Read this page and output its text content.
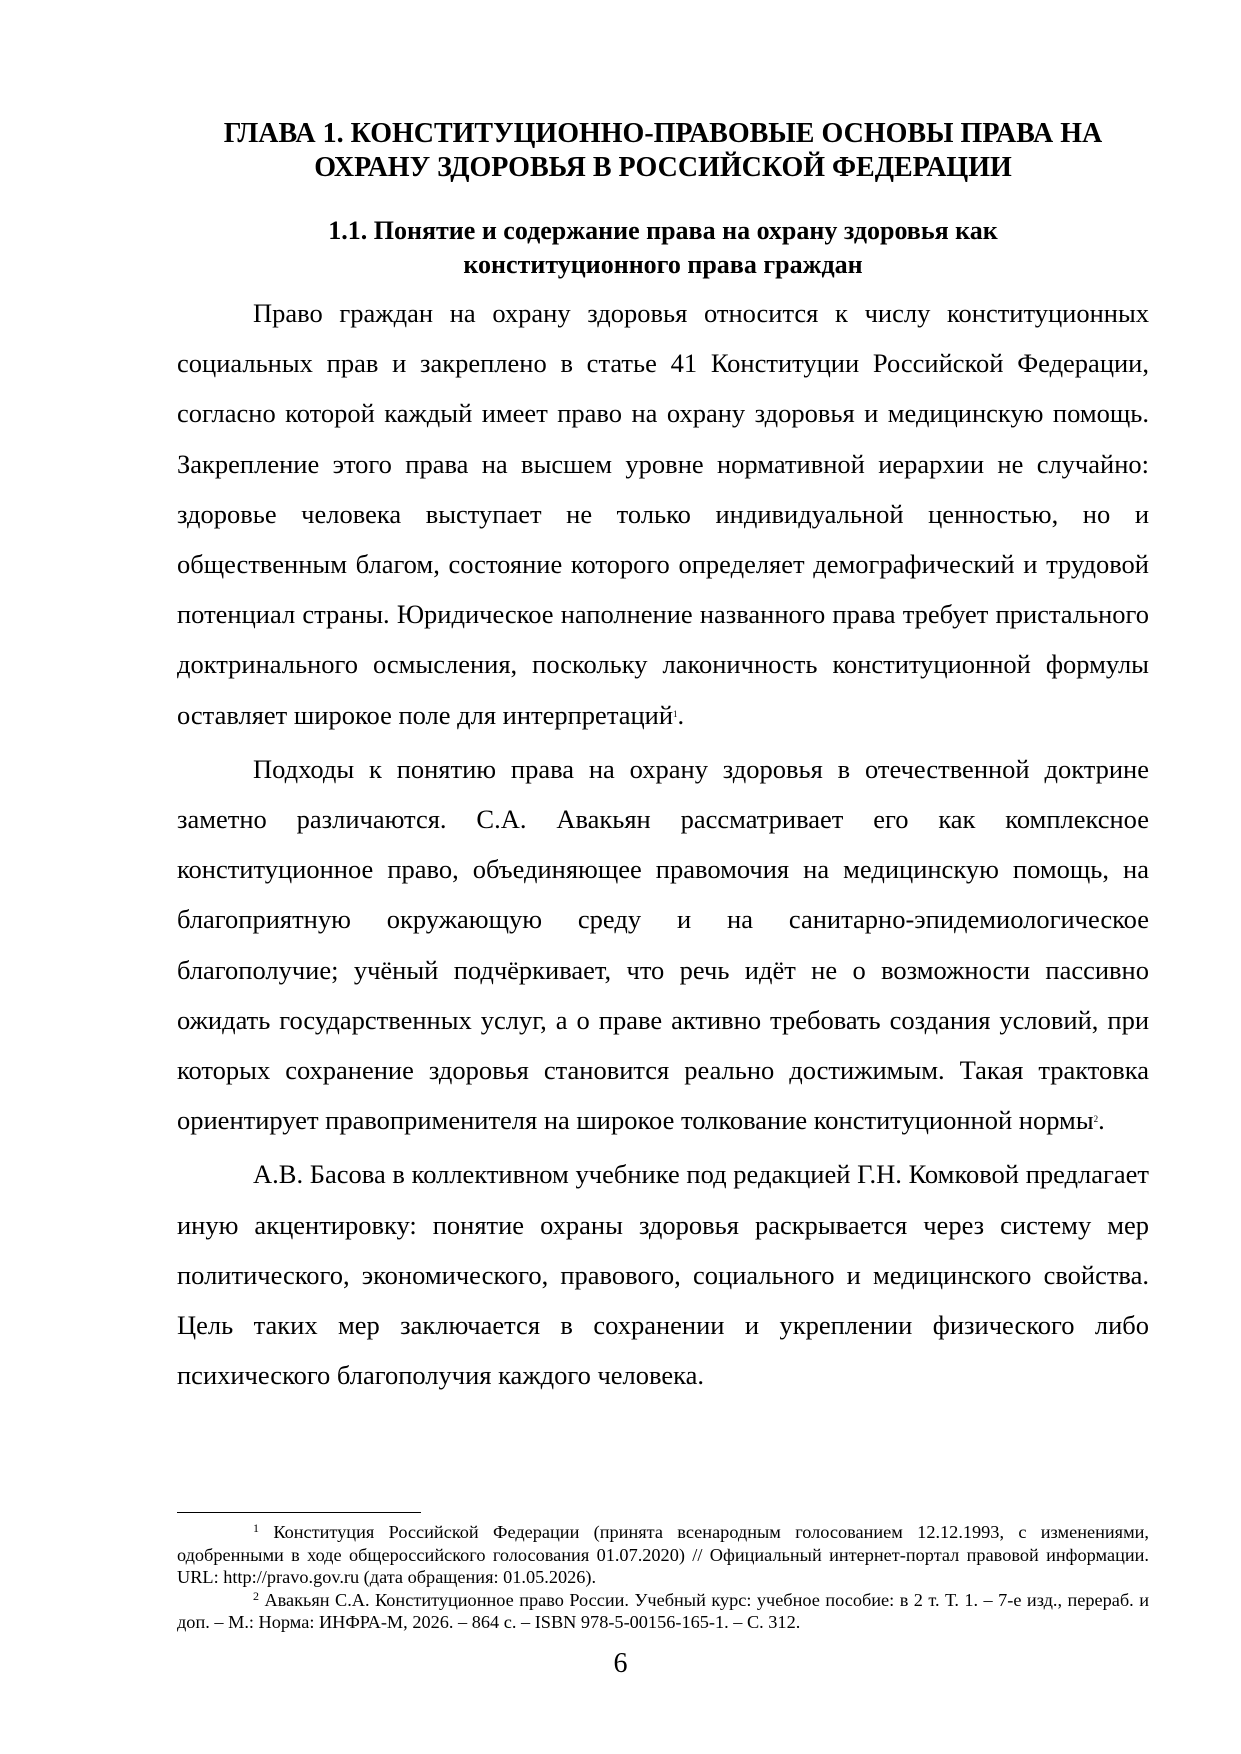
ГЛАВА 1. КОНСТИТУЦИОННО-ПРАВОВЫЕ ОСНОВЫ ПРАВА НА
ОХРАНУ ЗДОРОВЬЯ В РОССИЙСКОЙ ФЕДЕРАЦИИ
1.1. Понятие и содержание права на охрану здоровья как
конституционного права граждан

Право граждан на охрану здоровья относится к числу конституционных социальных прав и закреплено в статье 41 Конституции Российской Федерации, согласно которой каждый имеет право на охрану здоровья и медицинскую помощь. Закрепление этого права на высшем уровне нормативной иерархии не случайно: здоровье человека выступает не только индивидуальной ценностью, но и общественным благом, состояние которого определяет демографический и трудовой потенциал страны. Юридическое наполнение названного права требует пристального доктринального осмысления, поскольку лаконичность конституционной формулы оставляет широкое поле для интерпретаций$^1$.

Подходы к понятию права на охрану здоровья в отечественной доктрине заметно различаются. С.А. Авакьян рассматривает его как комплексное конституционное право, объединяющее правомочия на медицинскую помощь, на благоприятную окружающую среду и на санитарно-эпидемиологическое благополучие; учёный подчёркивает, что речь идёт не о возможности пассивно ожидать государственных услуг, а о праве активно требовать создания условий, при которых сохранение здоровья становится реально достижимым. Такая трактовка ориентирует правоприменителя на широкое толкование конституционной нормы$^2$.

А.В. Басова в коллективном учебнике под редакцией Г.Н. Комковой предлагает иную акцентировку: понятие охраны здоровья раскрывается через систему мер политического, экономического, правового, социального и медицинского свойства. Цель таких мер заключается в сохранении и укреплении физического либо психического благополучия каждого человека.

$^1$ Конституция Российской Федерации (принята всенародным голосованием 12.12.1993, с изменениями, одобренными в ходе общероссийского голосования 01.07.2020) // Официальный интернет-портал правовой информации. URL: http://pravo.gov.ru (дата обращения: 01.05.2026).

$^2$ Авакьян С.А. Конституционное право России. Учебный курс: учебное пособие: в 2 т. Т. 1. – 7-е изд., перераб. и доп. – М.: Норма: ИНФРА-М, 2026. – 864 с. – ISBN 978-5-00156-165-1. – С. 312.

6
